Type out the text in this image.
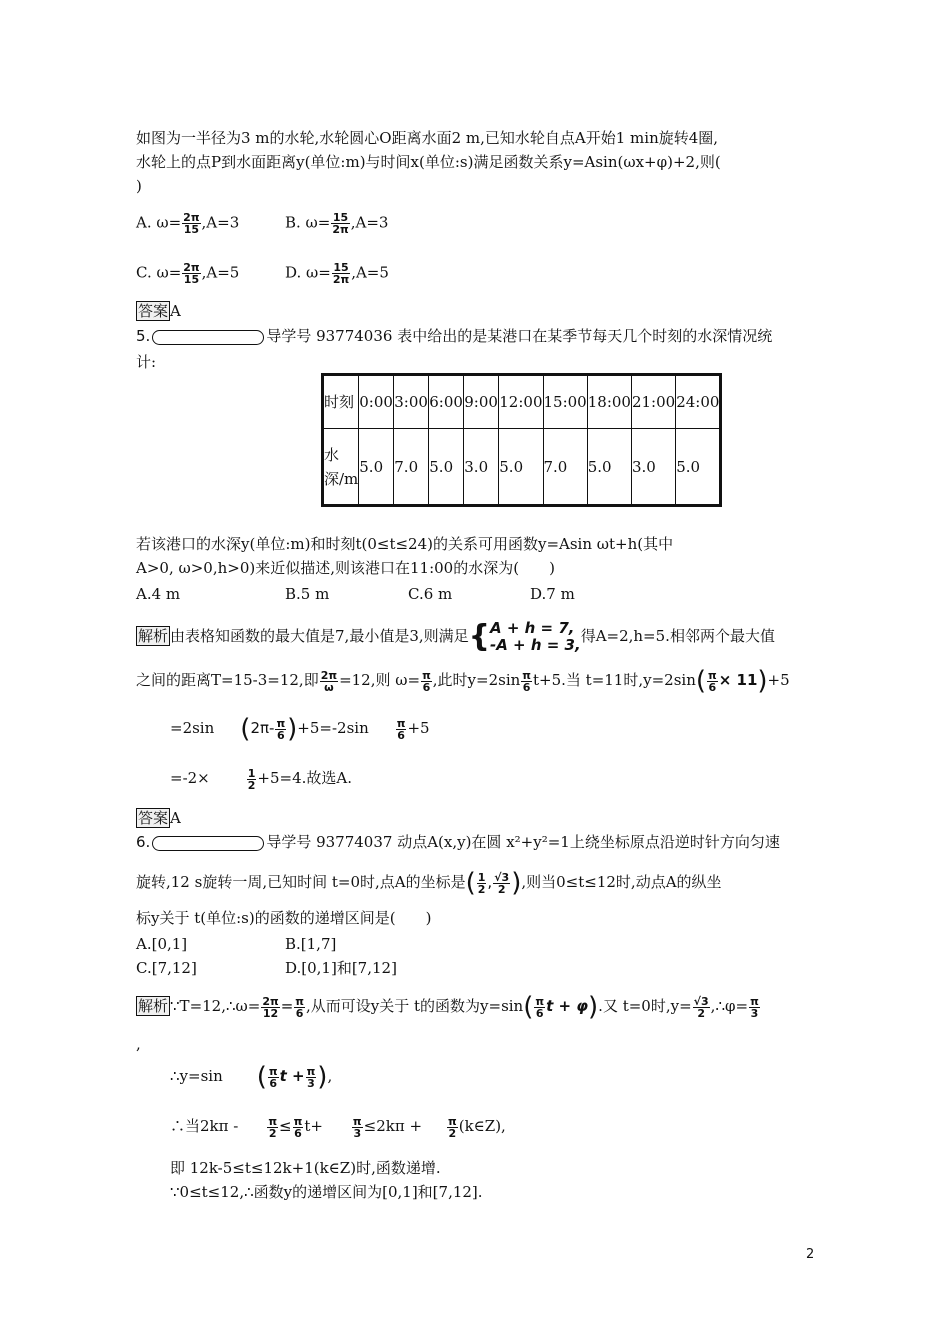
如图为一半径为3 m的水轮,水轮圆心O距离水面2 m,已知水轮自点A开始1 min旋转4圈,
水轮上的点P到水面距离y(单位:m)与时间x(单位:s)满足函数关系y=Asin(ωx+φ)+2,则(
)
A. $\omega= \frac{2\pi}{15} ,A=3$	B. $\omega= \frac{15}{2\pi} ,A=3$
C. $\omega= \frac{2\pi}{15} ,A=5$	D. $\omega= \frac{15}{2\pi} ,A=5$
答案 A
5.	导学号 93774036 表中给出的是某港口在某季节每天几个时刻的水深情况统
计:
时刻	0:00	3:00	6:00	9:00	12:00	15:00	18:00	21:00	24:00
水深/m	5.0	7.0	5.0	3.0	5.0	7.0	5.0	3.0	5.0
若该港口的水深y(单位:m)和时刻t(0≤t≤24)的关系可用函数y=Asin ωt+h(其中
A>0, ω>0,h>0)来近似描述,则该港口在11:00的水深为(　　)
A.4 m	B.5 m	C.6 m	D.7 m
解析 由表格知函数的最大值是7,最小值是3,则满足{ A + h = 7,
-A + h = 3, 得A=2,h=5.相邻两个最大值
之间的距离T=15-3=12,即 $\frac{2\pi}{\omega} =12$,则 $\omega= \frac{\pi}{6}$ ,此时$y=2\sin \frac{\pi}{6} t+5$.当 t=11时$,y=2\sin( \frac{\pi}{6} \times 11)+5$
=2sin $(2\pi- \frac{\pi}{6} )+5=-2\sin \frac{\pi}{6} +5$
=-2×	$\frac{1}{2} +5=4$.故选A.
答案 A
6.	导学号 93774037 动点A(x,y)在圆 x²+y²=1上绕坐标原点沿逆时针方向匀速
旋转,12 s旋转一周,已知时间 t=0时,点A的坐标是( $\frac{1}{2}$ , $\frac{√3}{2}$ ),则当0≤t≤12时,动点A的纵坐
标y关于 t(单位:s)的函数的递增区间是(　　)
A.[0,1]	B.[1,7]
C.[7,12]	D.[0,1]和[7,12]
解析 ∵T=12,∴ω= $\frac{2\pi}{12} = \frac{\pi}{6}$ ,从而可设y关于 t的函数为$y=\sin( \frac{\pi}{6}$ t + φ).又 t=0时$,y= \frac{√3}{2}$ ,∴φ= $\frac{\pi}{3}$
,
∴y=sin ( $\frac{\pi}{6}$ $t + \frac{\pi}{3}$ ),
∴当2kπ -	$\frac{\pi}{2} \le \frac{\pi}{6} t+$	$\frac{\pi}{3} \le 2k\pi + \frac{\pi}{2}$ (k∈Z),
即 12k-5≤t≤12k+1(k∈Z)时,函数递增.
∵0≤t≤12,∴函数y的递增区间为[0,1]和[7,12].
2
